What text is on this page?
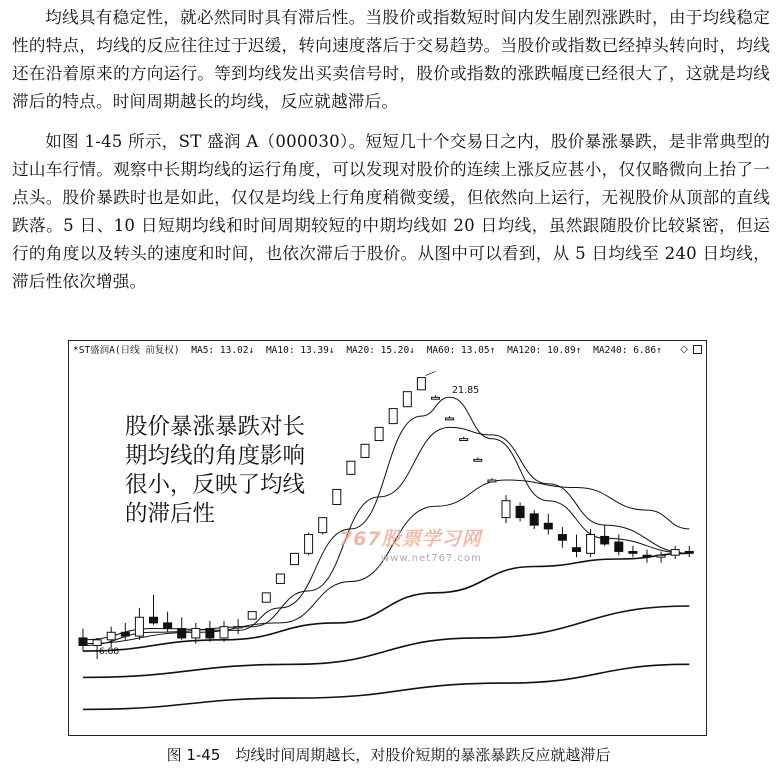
均线具有稳定性，就必然同时具有滞后性。当股价或指数短时间内发生剧烈涨跌时，由于均线稳定性的特点，均线的反应往往过于迟缓，转向速度落后于交易趋势。当股价或指数已经掉头转向时，均线还在沿着原来的方向运行。等到均线发出买卖信号时，股价或指数的涨跌幅度已经很大了，这就是均线滞后的特点。时间周期越长的均线，反应就越滞后。

如图 1-45 所示，ST 盛润 A（000030）。短短几十个交易日之内，股价暴涨暴跌，是非常典型的过山车行情。观察中长期均线的运行角度，可以发现对股价的连续上涨反应甚小，仅仅略微向上抬了一点头。股价暴跌时也是如此，仅仅是均线上行角度稍微变缓，但依然向上运行，无视股价从顶部的直线跌落。5 日、10 日短期均线和时间周期较短的中期均线如 20 日均线，虽然跟随股价比较紧密，但运行的角度以及转头的速度和时间，也依次滞后于股价。从图中可以看到，从 5 日均线至 240 日均线，滞后性依次增强。

*ST盛润A(日线 前复权) MA5: 13.02↓ MA10: 13.39↓ MA20: 15.20↓ MA60: 13.05↑ MA120: 10.89↑ MA240: 6.86↑	◇

股价暴涨暴跌对长期均线的角度影响很小，反映了均线的滞后性

767股票学习网
www.net767.com
21.85
6.88

图 1-45　均线时间周期越长，对股价短期的暴涨暴跌反应就越滞后
